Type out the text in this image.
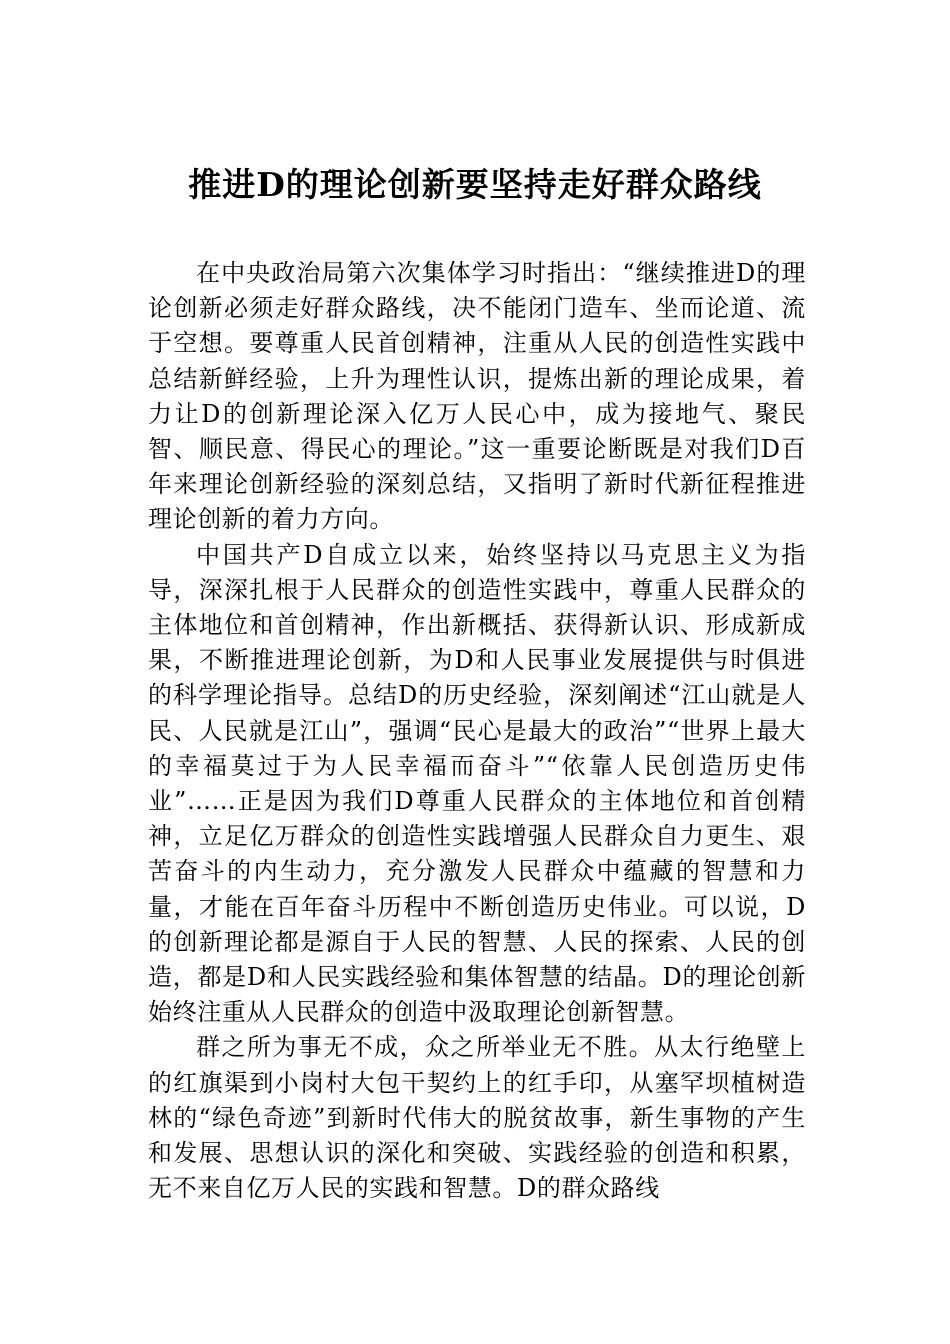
推进D的理论创新要坚持走好群众路线

在中央政治局第六次集体学习时指出：“继续推进D的理论创新必须走好群众路线，决不能闭门造车、坐而论道、流于空想。要尊重人民首创精神，注重从人民的创造性实践中总结新鲜经验，上升为理性认识，提炼出新的理论成果，着力让D的创新理论深入亿万人民心中，成为接地气、聚民智、顺民意、得民心的理论。”这一重要论断既是对我们D百年来理论创新经验的深刻总结，又指明了新时代新征程推进理论创新的着力方向。

中国共产D自成立以来，始终坚持以马克思主义为指导，深深扎根于人民群众的创造性实践中，尊重人民群众的主体地位和首创精神，作出新概括、获得新认识、形成新成果，不断推进理论创新，为D和人民事业发展提供与时俱进的科学理论指导。总结D的历史经验，深刻阐述“江山就是人民、人民就是江山”，强调“民心是最大的政治”“世界上最大的幸福莫过于为人民幸福而奋斗”“依靠人民创造历史伟业”……正是因为我们D尊重人民群众的主体地位和首创精神，立足亿万群众的创造性实践增强人民群众自力更生、艰苦奋斗的内生动力，充分激发人民群众中蕴藏的智慧和力量，才能在百年奋斗历程中不断创造历史伟业。可以说，D的创新理论都是源自于人民的智慧、人民的探索、人民的创造，都是D和人民实践经验和集体智慧的结晶。D的理论创新始终注重从人民群众的创造中汲取理论创新智慧。

群之所为事无不成，众之所举业无不胜。从太行绝壁上的红旗渠到小岗村大包干契约上的红手印，从塞罕坝植树造林的“绿色奇迹”到新时代伟大的脱贫故事，新生事物的产生和发展、思想认识的深化和突破、实践经验的创造和积累，无不来自亿万人民的实践和智慧。D的群众路线
